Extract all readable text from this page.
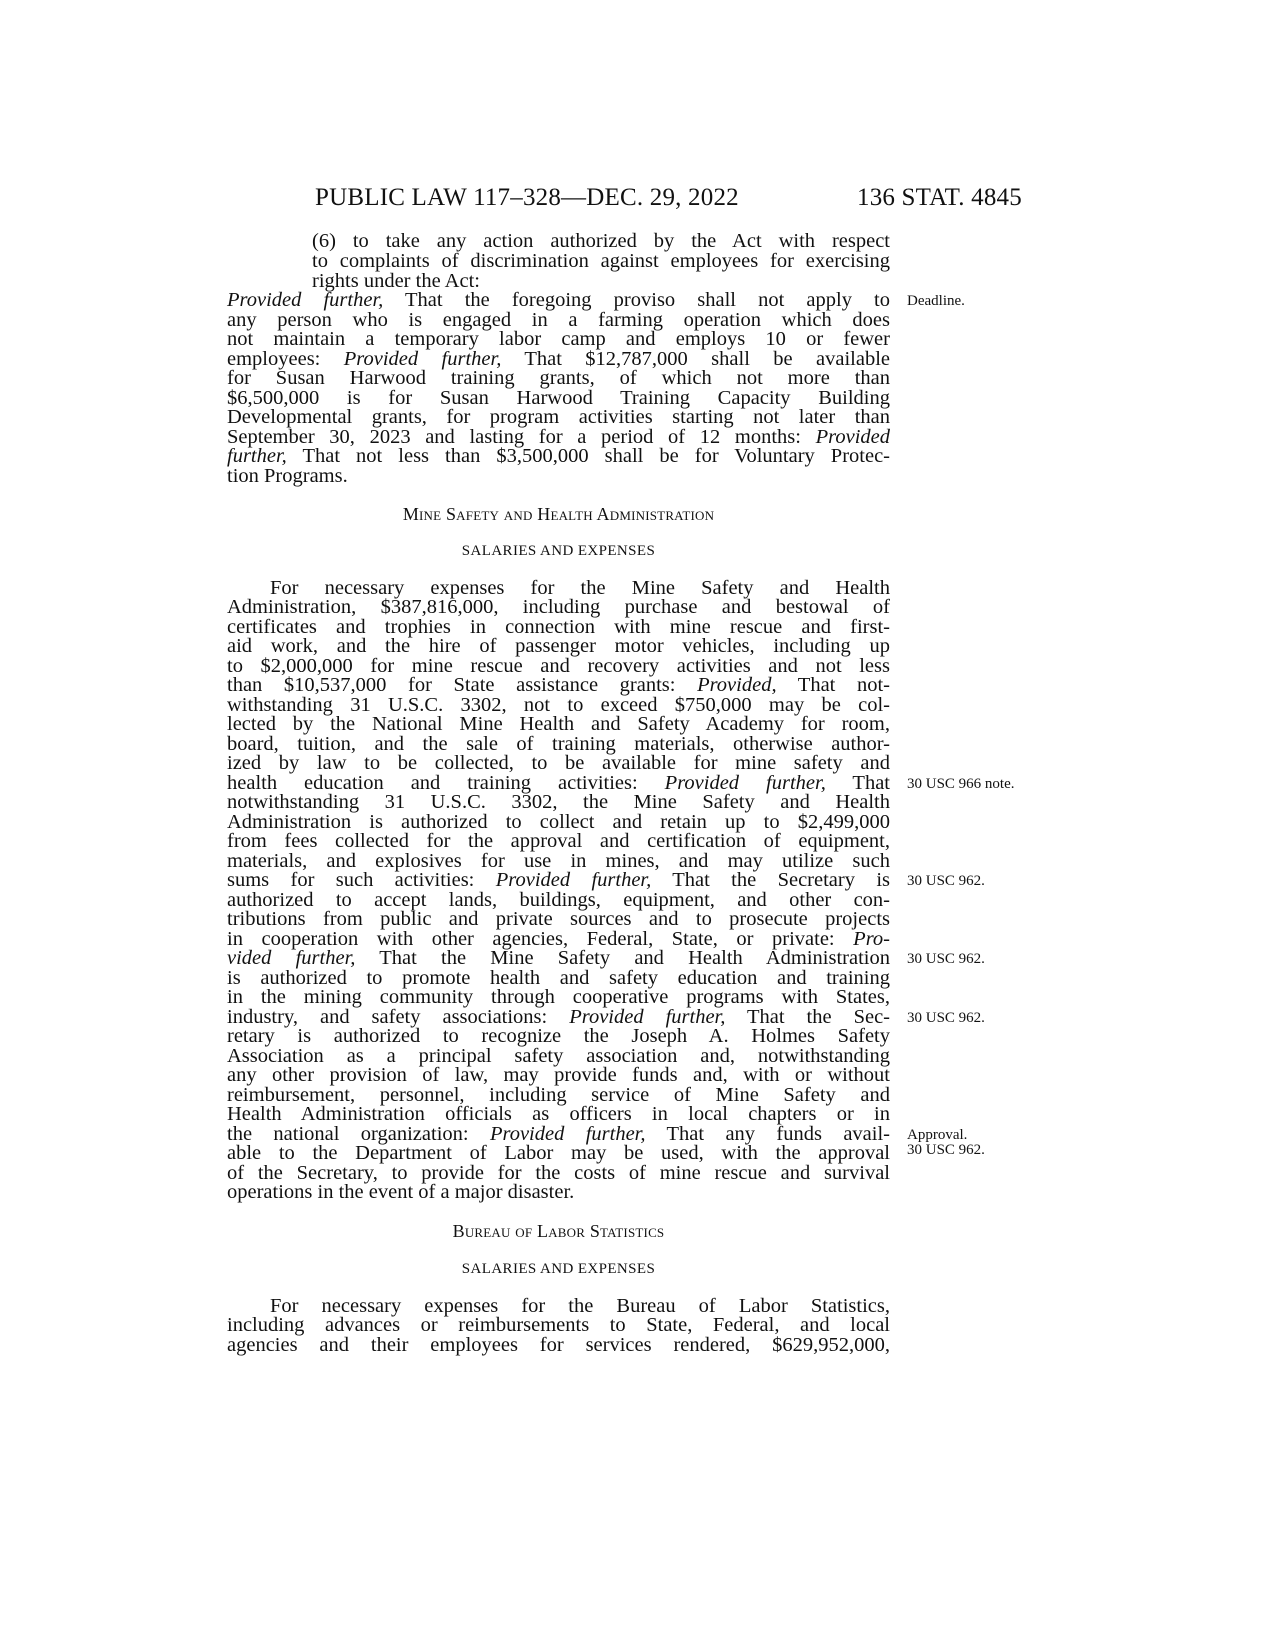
PUBLIC LAW 117–328—DEC. 29, 2022	136 STAT. 4845
(6) to take any action authorized by the Act with respect
to complaints of discrimination against employees for exercising
rights under the Act:
Provided further, That the foregoing proviso shall not apply to
any person who is engaged in a farming operation which does
not maintain a temporary labor camp and employs 10 or fewer
employees: Provided further, That $12,787,000 shall be available
for Susan Harwood training grants, of which not more than
$6,500,000 is for Susan Harwood Training Capacity Building
Developmental grants, for program activities starting not later than
September 30, 2023 and lasting for a period of 12 months: Provided
further, That not less than $3,500,000 shall be for Voluntary Protec-
tion Programs.
Mine Safety and Health Administration
SALARIES AND EXPENSES
For necessary expenses for the Mine Safety and Health
Administration, $387,816,000, including purchase and bestowal of
certificates and trophies in connection with mine rescue and first-
aid work, and the hire of passenger motor vehicles, including up
to $2,000,000 for mine rescue and recovery activities and not less
than $10,537,000 for State assistance grants: Provided, That not-
withstanding 31 U.S.C. 3302, not to exceed $750,000 may be col-
lected by the National Mine Health and Safety Academy for room,
board, tuition, and the sale of training materials, otherwise author-
ized by law to be collected, to be available for mine safety and
health education and training activities: Provided further, That
notwithstanding 31 U.S.C. 3302, the Mine Safety and Health
Administration is authorized to collect and retain up to $2,499,000
from fees collected for the approval and certification of equipment,
materials, and explosives for use in mines, and may utilize such
sums for such activities: Provided further, That the Secretary is
authorized to accept lands, buildings, equipment, and other con-
tributions from public and private sources and to prosecute projects
in cooperation with other agencies, Federal, State, or private: Pro-
vided further, That the Mine Safety and Health Administration
is authorized to promote health and safety education and training
in the mining community through cooperative programs with States,
industry, and safety associations: Provided further, That the Sec-
retary is authorized to recognize the Joseph A. Holmes Safety
Association as a principal safety association and, notwithstanding
any other provision of law, may provide funds and, with or without
reimbursement, personnel, including service of Mine Safety and
Health Administration officials as officers in local chapters or in
the national organization: Provided further, That any funds avail-
able to the Department of Labor may be used, with the approval
of the Secretary, to provide for the costs of mine rescue and survival
operations in the event of a major disaster.
Bureau of Labor Statistics
SALARIES AND EXPENSES
For necessary expenses for the Bureau of Labor Statistics,
including advances or reimbursements to State, Federal, and local
agencies and their employees for services rendered, $629,952,000,
Deadline.
30 USC 966 note.
30 USC 962.
30 USC 962.
30 USC 962.
Approval.
30 USC 962.
